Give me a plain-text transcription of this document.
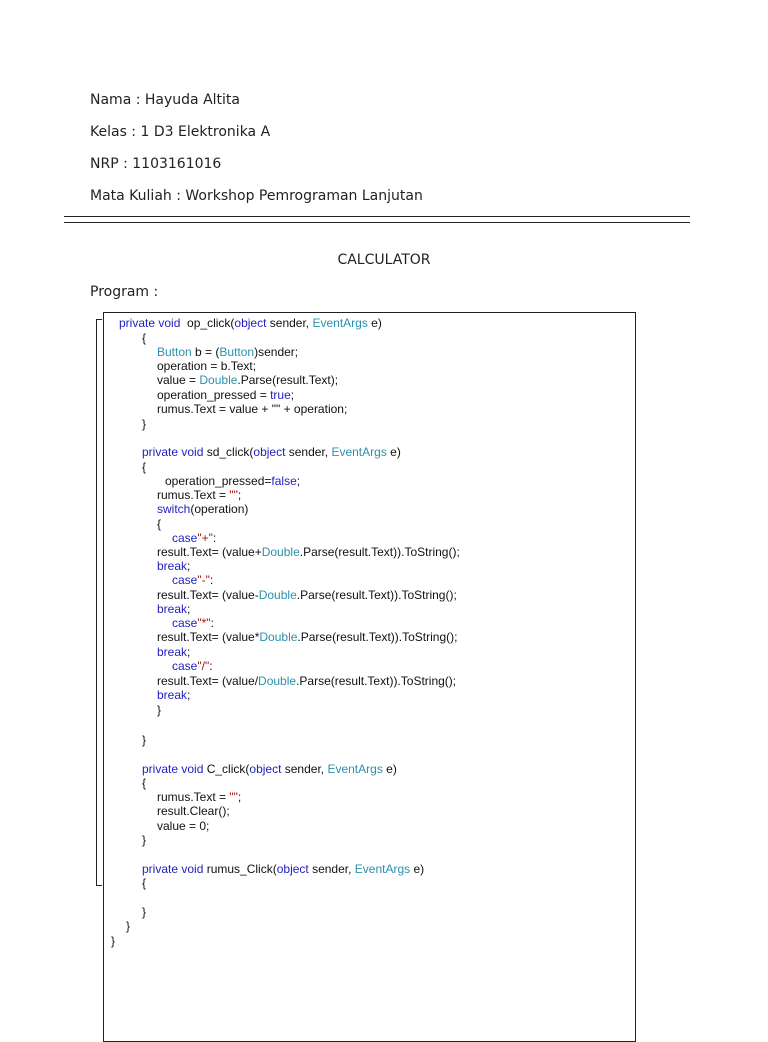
Nama : Hayuda Altita
Kelas : 1 D3 Elektronika A
NRP : 1103161016
Mata Kuliah : Workshop Pemrograman Lanjutan
CALCULATOR
Program :
private void  op_click(object sender, EventArgs e)
{
Button b = (Button)sender;
operation = b.Text;
value = Double.Parse(result.Text);
operation_pressed = true;
rumus.Text = value + "" + operation;
}
private void sd_click(object sender, EventArgs e)
{
operation_pressed=false;
rumus.Text = "";
switch(operation)
{
case"+":
result.Text= (value+Double.Parse(result.Text)).ToString();
break;
case"-":
result.Text= (value-Double.Parse(result.Text)).ToString();
break;
case"*":
result.Text= (value*Double.Parse(result.Text)).ToString();
break;
case"/":
result.Text= (value/Double.Parse(result.Text)).ToString();
break;
}
}
private void C_click(object sender, EventArgs e)
{
rumus.Text = "";
result.Clear();
value = 0;
}
private void rumus_Click(object sender, EventArgs e)
{
}
}
}
